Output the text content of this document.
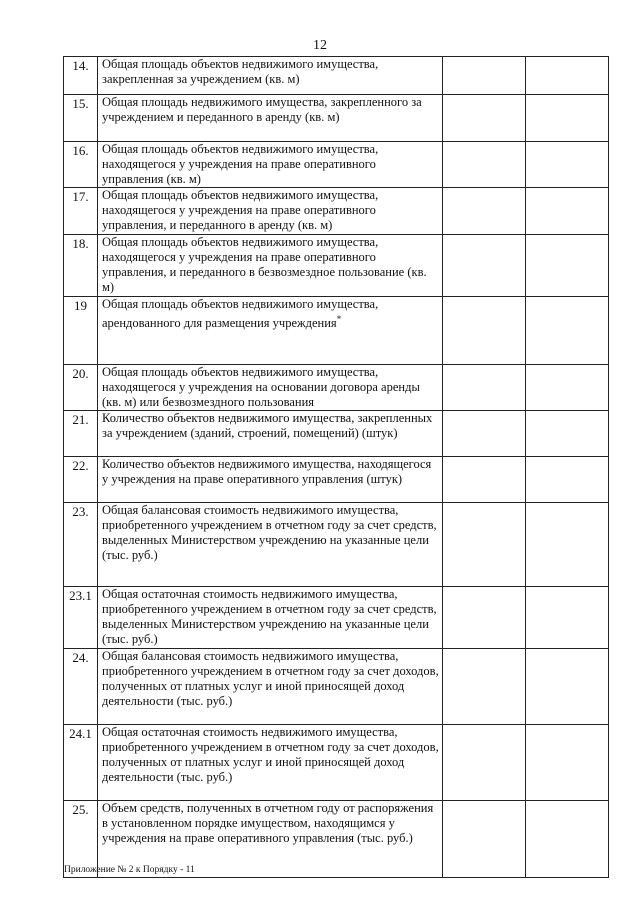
12
14.	Общая площадь объектов недвижимого имущества, закрепленная за учреждением (кв. м)		
15.	Общая площадь недвижимого имущества, закрепленного за учреждением и переданного в аренду (кв. м)		
16.	Общая площадь объектов недвижимого имущества, находящегося у учреждения на праве оперативного управления (кв. м)		
17.	Общая площадь объектов недвижимого имущества, находящегося у учреждения на праве оперативного управления, и переданного в аренду (кв. м)		
18.	Общая площадь объектов недвижимого имущества, находящегося у учреждения на праве оперативного управления, и переданного в безвозмездное пользование (кв. м)		
19	Общая площадь объектов недвижимого имущества, арендованного для размещения учреждения*		
20.	Общая площадь объектов недвижимого имущества, находящегося у учреждения на основании договора аренды (кв. м) или безвозмездного пользования		
21.	Количество объектов недвижимого имущества, закрепленных за учреждением (зданий, строений, помещений) (штук)		
22.	Количество объектов недвижимого имущества, находящегося у учреждения на праве оперативного управления (штук)		
23.	Общая балансовая стоимость недвижимого имущества, приобретенного учреждением в отчетном году за счет средств, выделенных Министерством учреждению на указанные цели (тыс. руб.)		
23.1	Общая остаточная стоимость недвижимого имущества, приобретенного учреждением в отчетном году за счет средств, выделенных Министерством учреждению на указанные цели (тыс. руб.)		
24.	Общая балансовая стоимость недвижимого имущества, приобретенного учреждением в отчетном году за счет доходов, полученных от платных услуг и иной приносящей доход деятельности (тыс. руб.)		
24.1	Общая остаточная стоимость недвижимого имущества, приобретенного учреждением в отчетном году за счет доходов, полученных от платных услуг и иной приносящей доход деятельности (тыс. руб.)		
25.	Объем средств, полученных в отчетном году от распоряжения в установленном порядке имуществом, находящимся у учреждения на праве оперативного управления (тыс. руб.)		
Приложение № 2 к Порядку - 11
